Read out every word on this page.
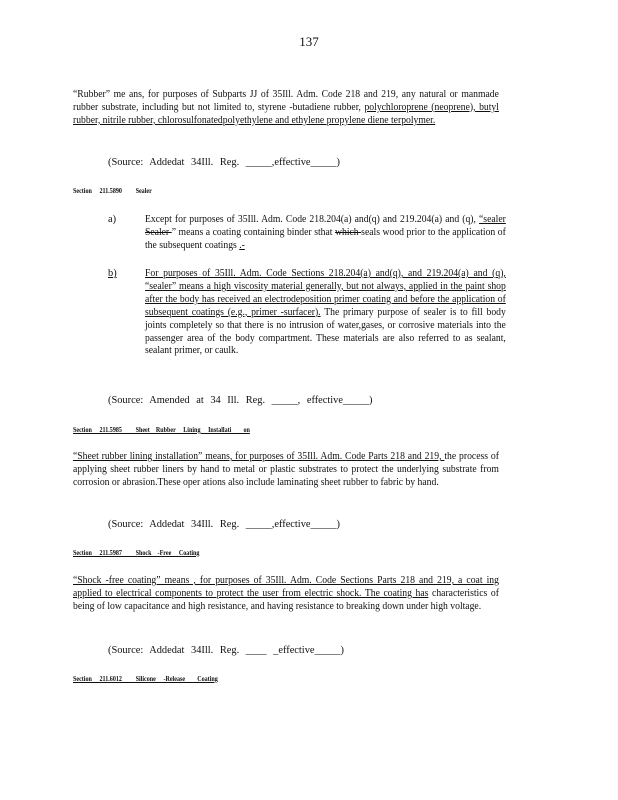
137

“Rubber” me ans, for purposes of Subparts JJ of 35Ill. Adm. Code 218 and 219, any natural or manmade rubber substrate, including but not limited to, styrene -butadiene rubber, polychloroprene (neoprene), butyl rubber, nitrile rubber, chlorosulfonatedpolyethylene and ethylene propylene diene terpolymer.

(Source: Addedat 34Ill. Reg. _____,effective_____)

Section     211.5890         Sealer

a)	Except for purposes of 35Ill. Adm. Code 218.204(a) and(q) and 219.204(a) and (q), “sealer Sealer ” means a coating containing binder sthat which seals wood prior to the application of the subsequent coatings .-

b)	For purposes of 35Ill. Adm. Code Sections 218.204(a) and(q), and 219.204(a) and (q), “sealer” means a high viscosity material generally, but not always, applied in the paint shop after the body has received an electrodeposition primer coating and before the application of subsequent coatings (e.g., primer -surfacer). The primary purpose of sealer is to fill body joints completely so that there is no intrusion of water,gases, or corrosive materials into the passenger area of the body compartment. These materials are also referred to as sealant, sealant primer, or caulk.

(Source: Amended at 34 Ill. Reg. _____, effective_____)

Section     211.5985         Sheet    Rubber     Lining     Installati        on

“Sheet rubber lining installation” means, for purposes of 35Ill. Adm. Code Parts 218 and 219, the process of applying sheet rubber liners by hand to metal or plastic substrates to protect the underlying substrate from corrosion or abrasion.These oper ations also include laminating sheet rubber to fabric by hand.

(Source: Addedat 34Ill. Reg. _____,effective_____)

Section     211.5987         Shock    -Free     Coating

“Shock -free coating” means , for purposes of 35Ill. Adm. Code Sections Parts 218 and 219, a coat ing applied to electrical components to protect the user from electric shock. The coating has characteristics of being of low capacitance and high resistance, and having resistance to breaking down under high voltage.

(Source: Addedat 34Ill. Reg. ____ _effective_____)

Section     211.6012         Silicone     -Release        Coating
